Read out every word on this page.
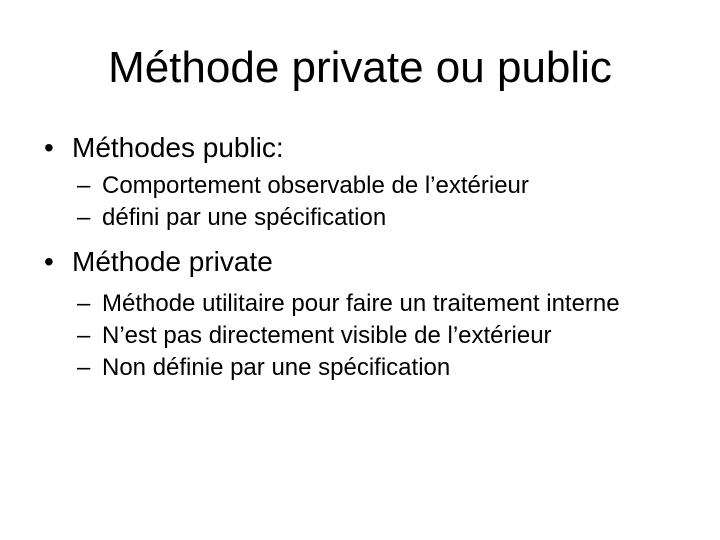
Méthode private ou public
• Méthodes public:
– Comportement observable de l’extérieur
– défini par une spécification
• Méthode private
– Méthode utilitaire pour faire un traitement interne
– N’est pas directement visible de l’extérieur
– Non définie par une spécification
